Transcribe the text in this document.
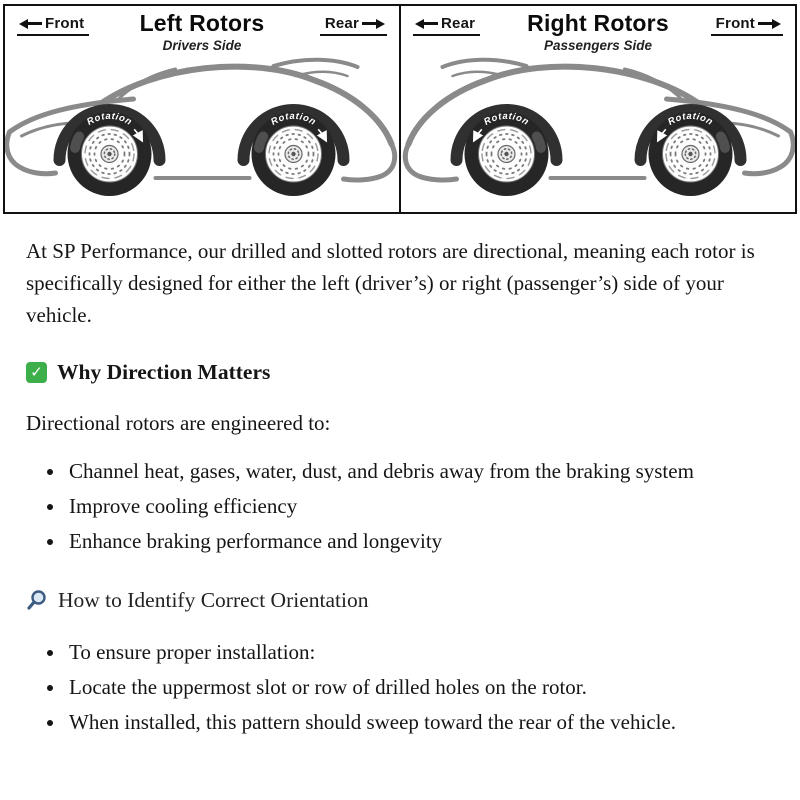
Front	Rear
Left Rotors
Drivers Side
Rotation	Rotation
Rear	Front
Right Rotors
Passengers Side
Rotation
Rotation

At SP Performance, our drilled and slotted rotors are directional, meaning each rotor is specifically designed for either the left (driver’s) or right (passenger’s) side of your vehicle.

✓ Why Direction Matters

Directional rotors are engineered to:

• Channel heat, gases, water, dust, and debris away from the braking system
• Improve cooling efficiency
• Enhance braking performance and longevity
How to Identify Correct Orientation
• To ensure proper installation:
• Locate the uppermost slot or row of drilled holes on the rotor.
• When installed, this pattern should sweep toward the rear of the vehicle.
